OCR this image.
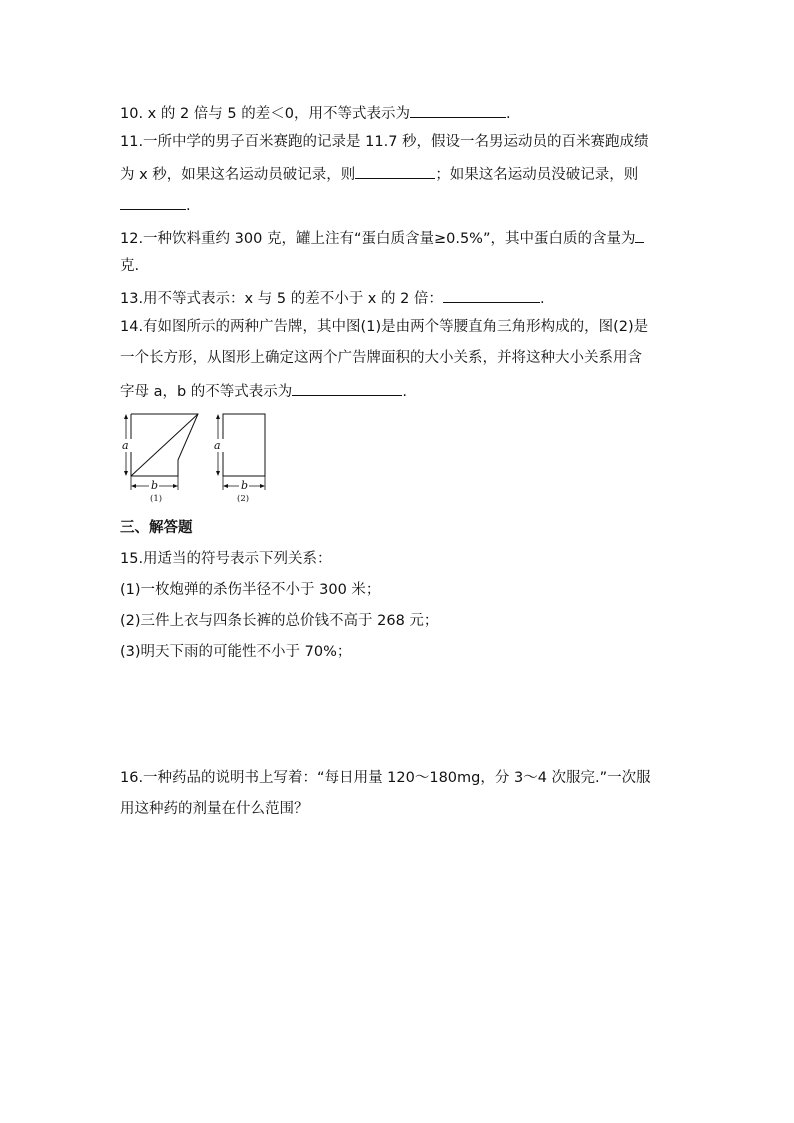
10. x 的 2 倍与 5 的差＜0，用不等式表示为	.
11.一所中学的男子百米赛跑的记录是 11.7 秒，假设一名男运动员的百米赛跑成绩
为 x 秒，如果这名运动员破记录，则	；如果这名运动员没破记录，则
.
12.一种饮料重约 300 克，罐上注有“蛋白质含量≥0.5%”，其中蛋白质的含量为
克.
13.用不等式表示：x 与 5 的差不小于 x 的 2 倍：	.
14.有如图所示的两种广告牌，其中图(1)是由两个等腰直角三角形构成的，图(2)是
一个长方形，从图形上确定这两个广告牌面积的大小关系，并将这种大小关系用含
字母 a，b 的不等式表示为	.
a
b
(1)
a
b
(2)
三、解答题
15.用适当的符号表示下列关系：
(1)一枚炮弹的杀伤半径不小于 300 米；
(2)三件上衣与四条长裤的总价钱不高于 268 元；
(3)明天下雨的可能性不小于 70%；
16.一种药品的说明书上写着：“每日用量 120～180mg，分 3～4 次服完.”一次服
用这种药的剂量在什么范围？
